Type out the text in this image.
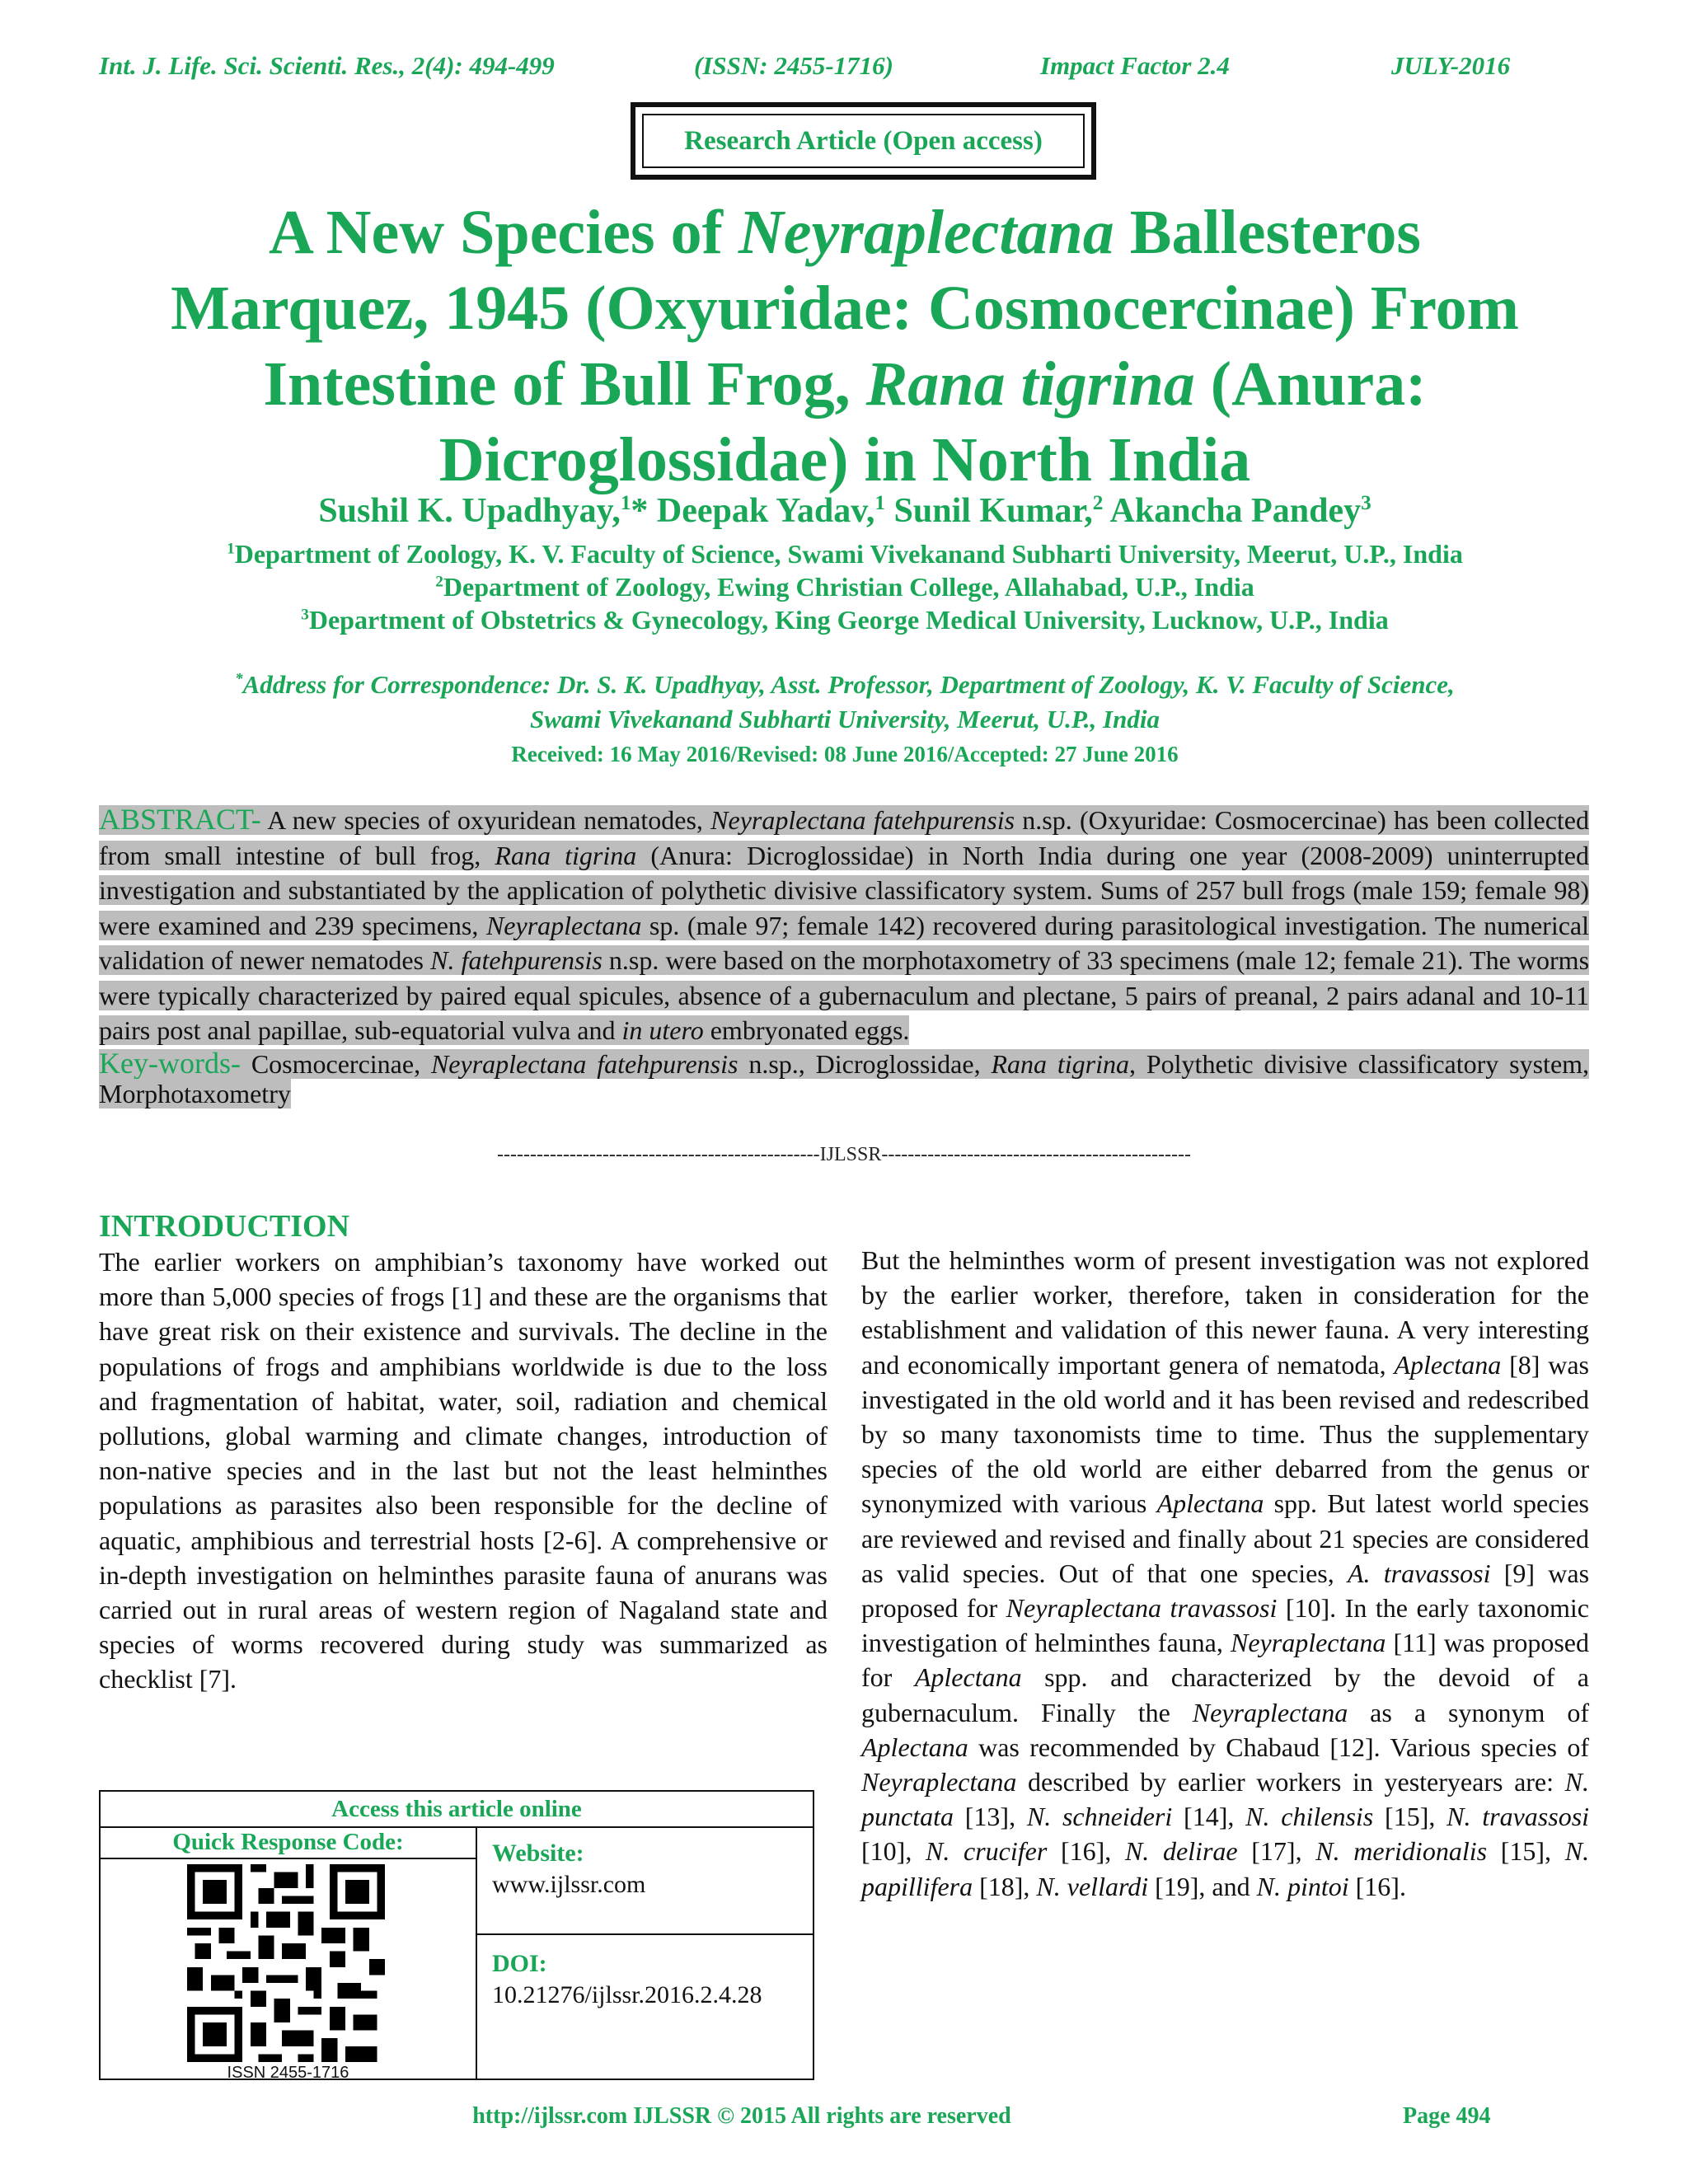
Int. J. Life. Sci. Scienti. Res., 2(4): 494-499	(ISSN: 2455-1716)	Impact Factor 2.4	JULY-2016
Research Article (Open access)

A New Species of Neyraplectana Ballesteros

Marquez, 1945 (Oxyuridae: Cosmocercinae) From

Intestine of Bull Frog, Rana tigrina (Anura:

Dicroglossidae) in North India

Sushil K. Upadhyay,$^1$* Deepak Yadav,$^1$ Sunil Kumar,$^2$ Akancha Pandey$^3$

$^1$Department of Zoology, K. V. Faculty of Science, Swami Vivekanand Subharti University, Meerut, U.P., India

$^2$Department of Zoology, Ewing Christian College, Allahabad, U.P., India

$^3$Department of Obstetrics & Gynecology, King George Medical University, Lucknow, U.P., India

*Address for Correspondence: Dr. S. K. Upadhyay, Asst. Professor, Department of Zoology, K. V. Faculty of Science,

Swami Vivekanand Subharti University, Meerut, U.P., India

Received: 16 May 2016/Revised: 08 June 2016/Accepted: 27 June 2016

ABSTRACT- A new species of oxyuridean nematodes, Neyraplectana fatehpurensis n.sp. (Oxyuridae: Cosmocercinae) has been collected from small intestine of bull frog, Rana tigrina (Anura: Dicroglossidae) in North India during one year (2008-2009) uninterrupted investigation and substantiated by the application of polythetic divisive classificatory system. Sums of 257 bull frogs (male 159; female 98) were examined and 239 specimens, Neyraplectana sp. (male 97; female 142) recovered during parasitological investigation. The numerical validation of newer nematodes N. fatehpurensis n.sp. were based on the morphotaxometry of 33 specimens (male 12; female 21). The worms were typically characterized by paired equal spicules, absence of a gubernaculum and plectane, 5 pairs of preanal, 2 pairs adanal and 10-11 pairs post anal papillae, sub-equatorial vulva and in utero embryonated eggs.

Key-words- Cosmocercinae, Neyraplectana fatehpurensis n.sp., Dicroglossidae, Rana tigrina, Polythetic divisive classificatory system, Morphotaxometry

-------------------------------------------------IJLSSR-----------------------------------------------
INTRODUCTION

The earlier workers on amphibian’s taxonomy have worked out more than 5,000 species of frogs [1] and these are the organisms that have great risk on their existence and survivals. The decline in the populations of frogs and amphibians worldwide is due to the loss and fragmentation of habitat, water, soil, radiation and chemical pollutions, global warming and climate changes, introduction of non-native species and in the last but not the least helminthes populations as parasites also been responsible for the decline of aquatic, amphibious and terrestrial hosts [2-6]. A comprehensive or in-depth investigation on helminthes parasite fauna of anurans was carried out in rural areas of western region of Nagaland state and species of worms recovered during study was summarized as checklist [7].

But the helminthes worm of present investigation was not explored by the earlier worker, therefore, taken in consideration for the establishment and validation of this newer fauna. A very interesting and economically important genera of nematoda, Aplectana [8] was investigated in the old world and it has been revised and redescribed by so many taxonomists time to time. Thus the supplementary species of the old world are either debarred from the genus or synonymized with various Aplectana spp. But latest world species are reviewed and revised and finally about 21 species are considered as valid species. Out of that one species, A. travassosi [9] was proposed for Neyraplectana travassosi [10]. In the early taxonomic investigation of helminthes fauna, Neyraplectana [11] was proposed for Aplectana spp. and characterized by the devoid of a gubernaculum. Finally the Neyraplectana as a synonym of Aplectana was recommended by Chabaud [12]. Various species of Neyraplectana described by earlier workers in yesteryears are: N. punctata [13], N. schneideri [14], N. chilensis [15], N. travassosi [10], N. crucifer [16], N. delirae [17], N. meridionalis [15], N. papillifera [18], N. vellardi [19], and N. pintoi [16].

Access this article online
Quick Response Code:
ISSN 2455-1716
Website:
www.ijlssr.com
DOI:
10.21276/ijlssr.2016.2.4.28
http://ijlssr.com IJLSSR © 2015 All rights are reserved	Page 494
